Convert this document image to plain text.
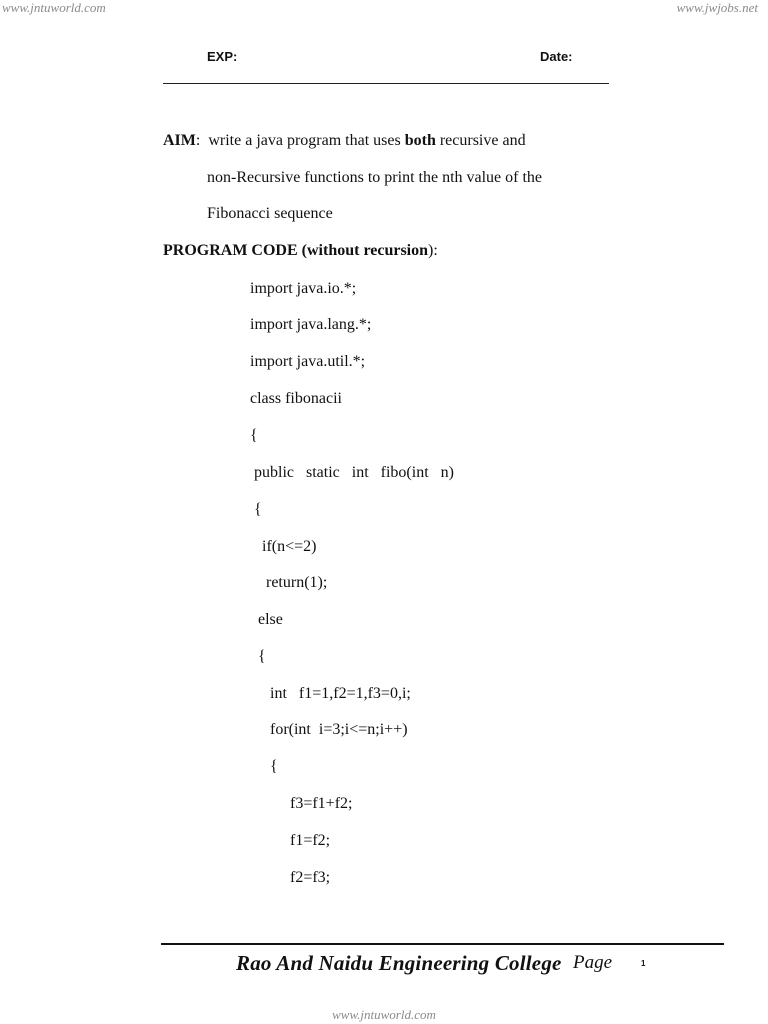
www.jntuworld.com	www.jwjobs.net
EXP:	Date:
AIM:  write a java program that uses both recursive and
non-Recursive functions to print the nth value of the
Fibonacci sequence
PROGRAM CODE (without recursion):
import java.io.*;
import java.lang.*;
import java.util.*;
class fibonacii
{
public   static   int   fibo(int   n)
{
if(n<=2)
return(1);
else
{
int   f1=1,f2=1,f3=0,i;
for(int  i=3;i<=n;i++)
{
f3=f1+f2;
f1=f2;
f2=f3;
Rao And Naidu Engineering College Page	1
www.jntuworld.com
